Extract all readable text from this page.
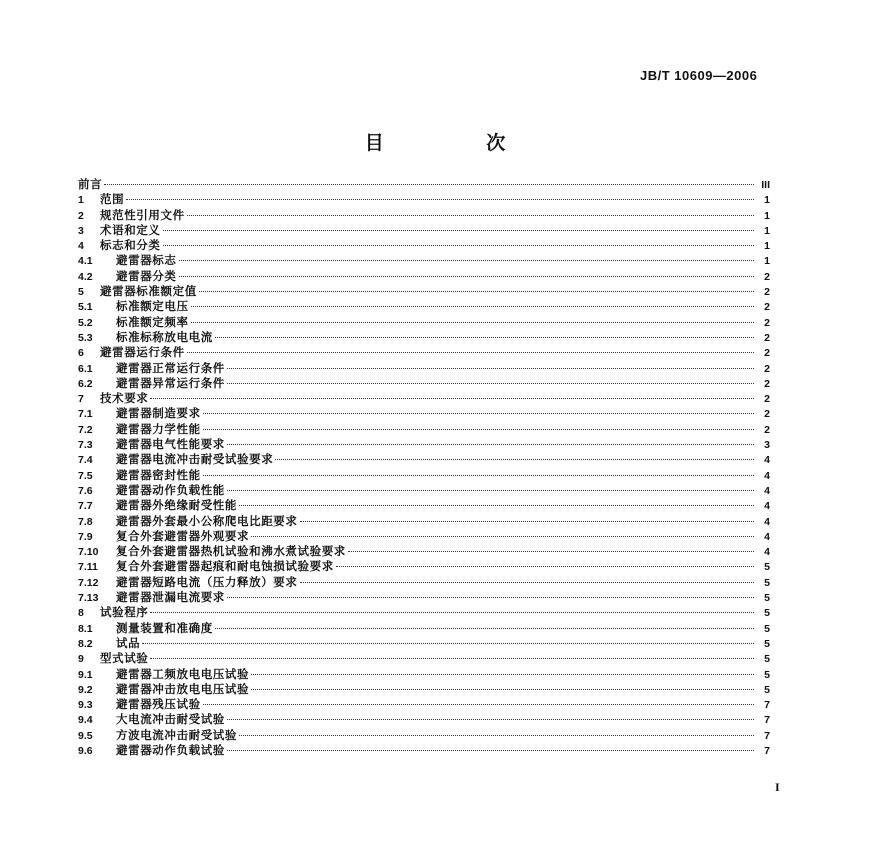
JB/T 10609—2006
目 次
前言	III
1	范围	1
2	规范性引用文件	1
3	术语和定义	1
4	标志和分类	1
4.1	避雷器标志	1
4.2	避雷器分类	2
5	避雷器标准额定值	2
5.1	标准额定电压	2
5.2	标准额定频率	2
5.3	标准标称放电电流	2
6	避雷器运行条件	2
6.1	避雷器正常运行条件	2
6.2	避雷器异常运行条件	2
7	技术要求	2
7.1	避雷器制造要求	2
7.2	避雷器力学性能	2
7.3	避雷器电气性能要求	3
7.4	避雷器电流冲击耐受试验要求	4
7.5	避雷器密封性能	4
7.6	避雷器动作负载性能	4
7.7	避雷器外绝缘耐受性能	4
7.8	避雷器外套最小公称爬电比距要求	4
7.9	复合外套避雷器外观要求	4
7.10	复合外套避雷器热机试验和沸水煮试验要求	4
7.11	复合外套避雷器起痕和耐电蚀损试验要求	5
7.12	避雷器短路电流（压力释放）要求	5
7.13	避雷器泄漏电流要求	5
8	试验程序	5
8.1	测量装置和准确度	5
8.2	试品	5
9	型式试验	5
9.1	避雷器工频放电电压试验	5
9.2	避雷器冲击放电电压试验	5
9.3	避雷器残压试验	7
9.4	大电流冲击耐受试验	7
9.5	方波电流冲击耐受试验	7
9.6	避雷器动作负载试验	7
I
